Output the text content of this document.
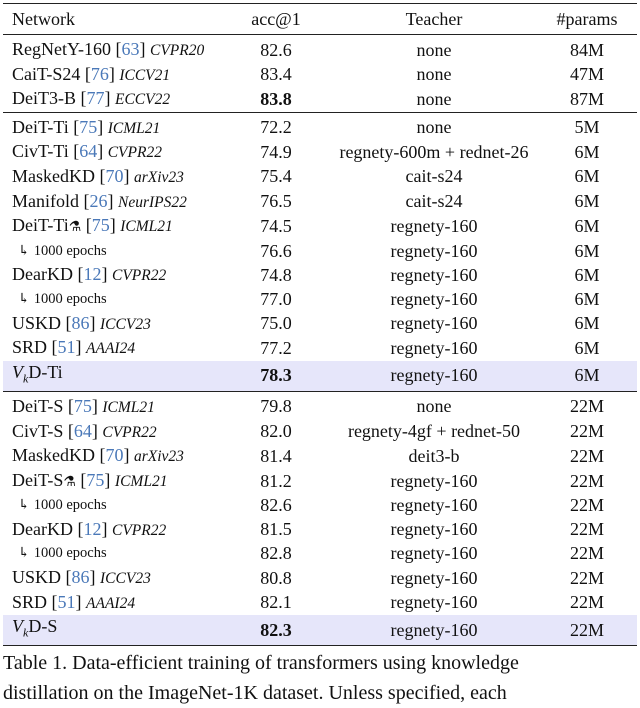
Network	acc@1	Teacher	#params
RegNetY-160 [63] CVPR20	82.6	none	84M
CaiT-S24 [76] ICCV21	83.4	none	47M
DeiT3-B [77] ECCV22	83.8	none	87M
DeiT-Ti [75] ICML21	72.2	none	5M
CivT-Ti [64] CVPR22	74.9	regnety-600m + rednet-26	6M
MaskedKD [70] arXiv23	75.4	cait-s24	6M
Manifold [26] NeurIPS22	76.5	cait-s24	6M
DeiT-Ti⚗ [75] ICML21	74.5	regnety-160	6M
↳ 1000 epochs	76.6	regnety-160	6M
DearKD [12] CVPR22	74.8	regnety-160	6M
↳ 1000 epochs	77.0	regnety-160	6M
USKD [86] ICCV23	75.0	regnety-160	6M
SRD [51] AAAI24	77.2	regnety-160	6M
$V_kD-Ti$	78.3	regnety-160	6M
DeiT-S [75] ICML21	79.8	none	22M
CivT-S [64] CVPR22	82.0	regnety-4gf + rednet-50	22M
MaskedKD [70] arXiv23	81.4	deit3-b	22M
DeiT-S⚗ [75] ICML21	81.2	regnety-160	22M
↳ 1000 epochs	82.6	regnety-160	22M
DearKD [12] CVPR22	81.5	regnety-160	22M
↳ 1000 epochs	82.8	regnety-160	22M
USKD [86] ICCV23	80.8	regnety-160	22M
SRD [51] AAAI24	82.1	regnety-160	22M
$V_kD-S$	82.3	regnety-160	22M
Table 1. Data-efficient training of transformers using knowledge
distillation on the ImageNet-1K dataset. Unless specified, each
